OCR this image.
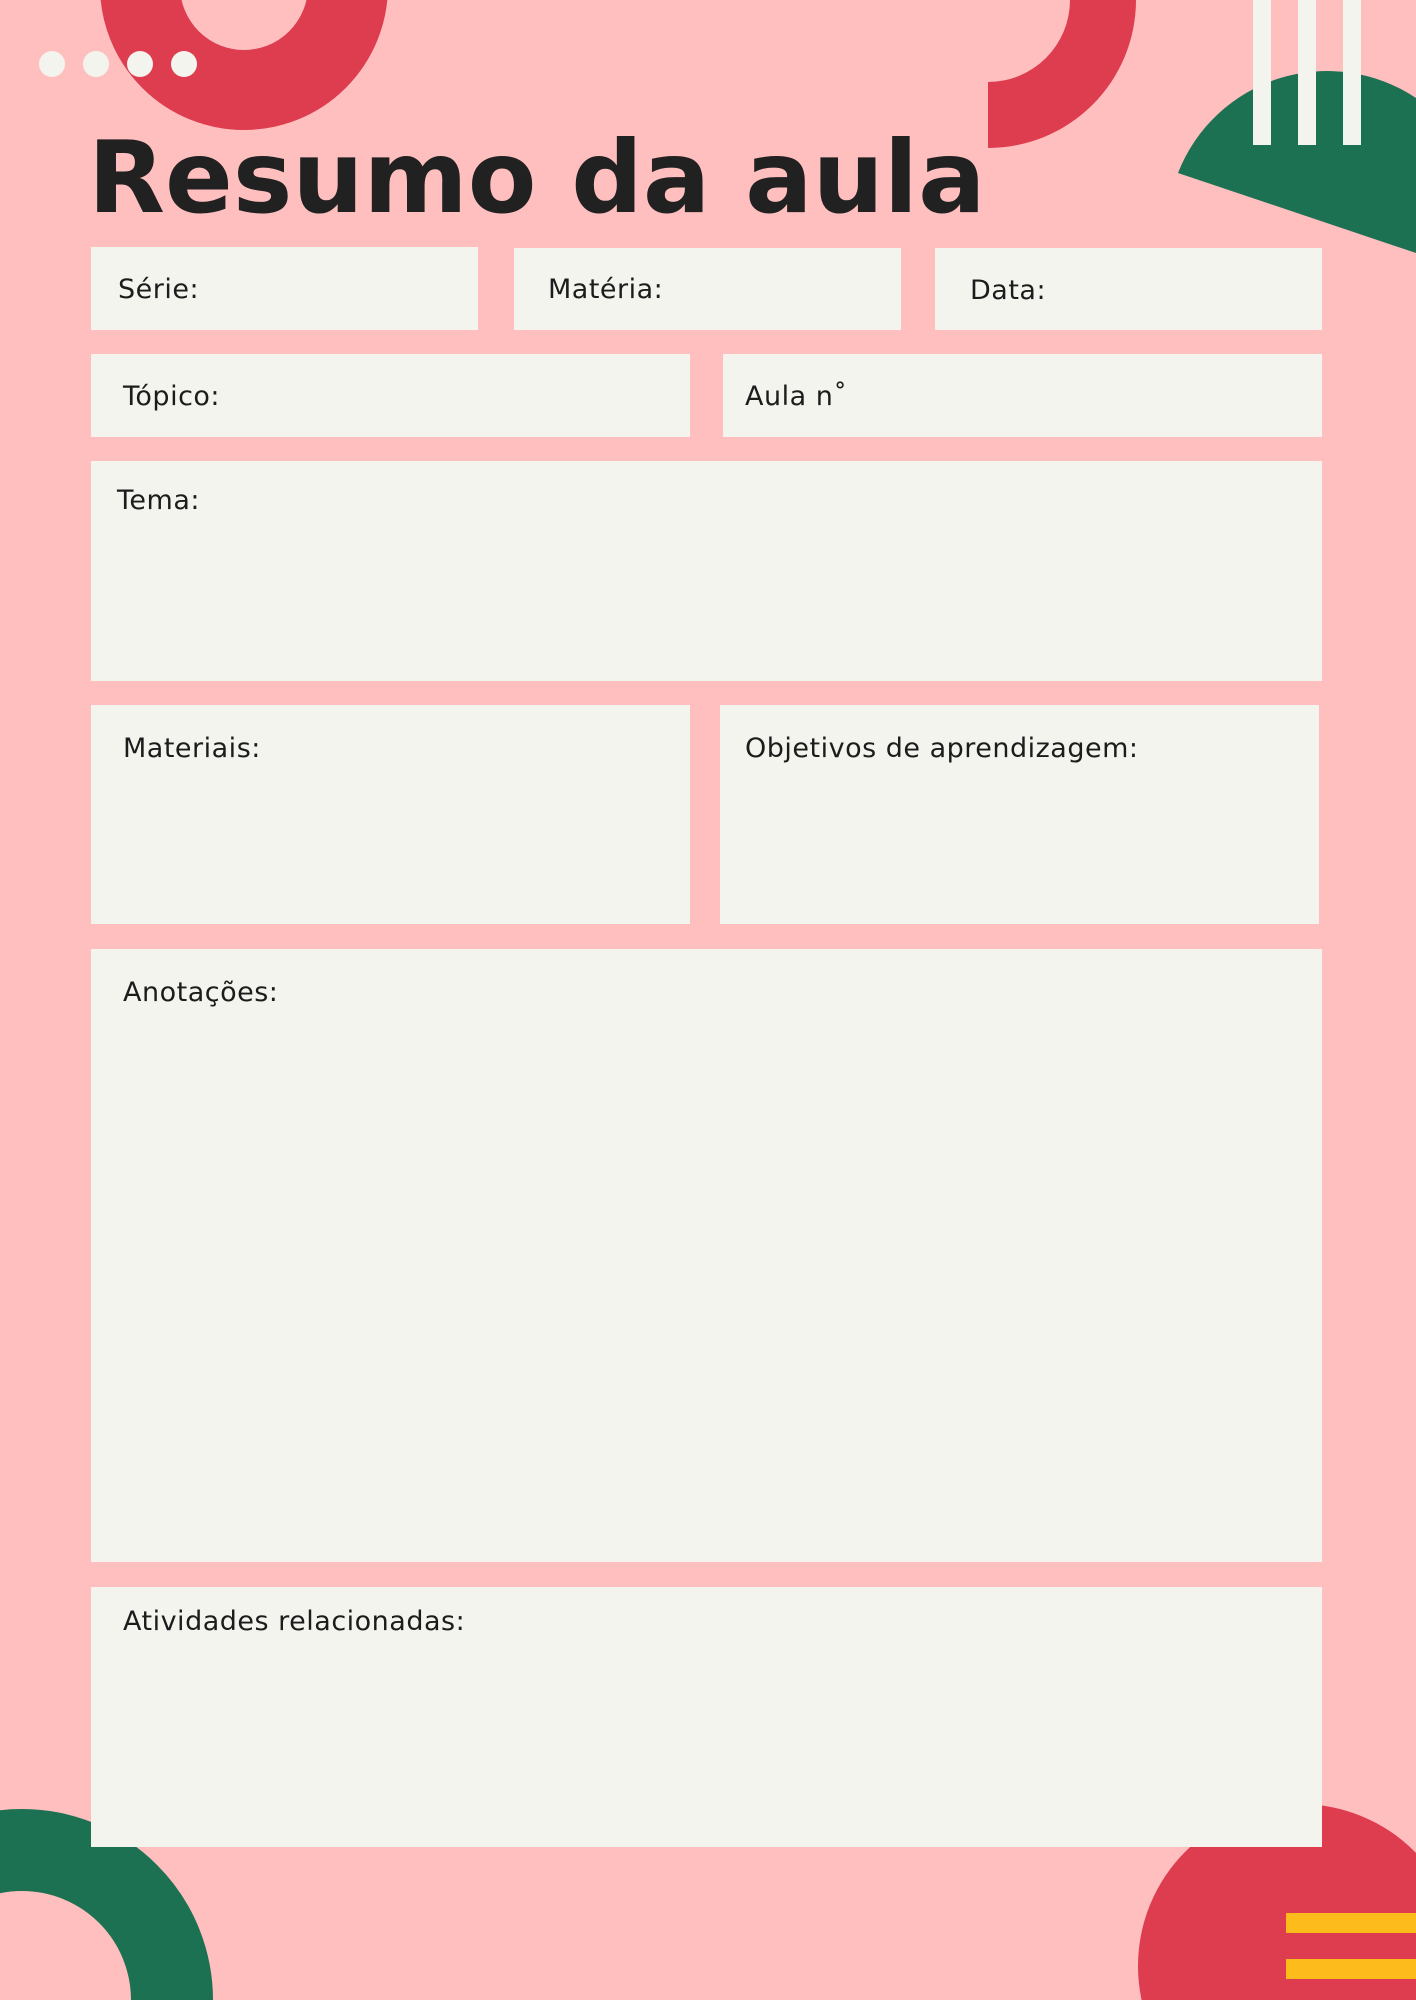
Resumo da aula
Série:	Matéria:	Data:
Tópico:	Aula n˚
Tema:
Materiais:	Objetivos de aprendizagem:
Anotações:
Atividades relacionadas:
